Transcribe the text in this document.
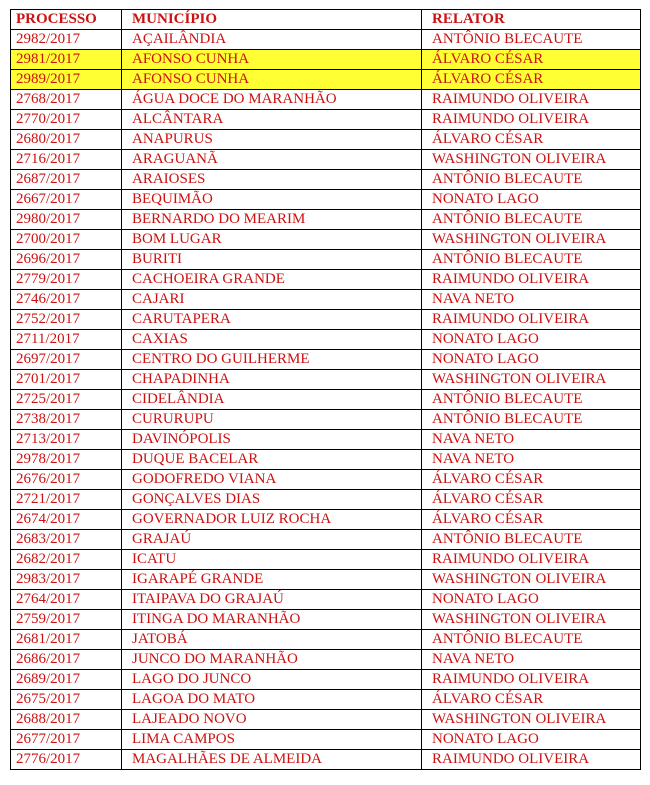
PROCESSO	MUNICÍPIO	RELATOR
2982/2017	AÇAILÂNDIA	ANTÔNIO BLECAUTE
2981/2017	AFONSO CUNHA	ÁLVARO CÉSAR
2989/2017	AFONSO CUNHA	ÁLVARO CÉSAR
2768/2017	ÁGUA DOCE DO MARANHÃO	RAIMUNDO OLIVEIRA
2770/2017	ALCÂNTARA	RAIMUNDO OLIVEIRA
2680/2017	ANAPURUS	ÁLVARO CÉSAR
2716/2017	ARAGUANÃ	WASHINGTON OLIVEIRA
2687/2017	ARAIOSES	ANTÔNIO BLECAUTE
2667/2017	BEQUIMÃO	NONATO LAGO
2980/2017	BERNARDO DO MEARIM	ANTÔNIO BLECAUTE
2700/2017	BOM LUGAR	WASHINGTON OLIVEIRA
2696/2017	BURITI	ANTÔNIO BLECAUTE
2779/2017	CACHOEIRA GRANDE	RAIMUNDO OLIVEIRA
2746/2017	CAJARI	NAVA NETO
2752/2017	CARUTAPERA	RAIMUNDO OLIVEIRA
2711/2017	CAXIAS	NONATO LAGO
2697/2017	CENTRO DO GUILHERME	NONATO LAGO
2701/2017	CHAPADINHA	WASHINGTON OLIVEIRA
2725/2017	CIDELÂNDIA	ANTÔNIO BLECAUTE
2738/2017	CURURUPU	ANTÔNIO BLECAUTE
2713/2017	DAVINÓPOLIS	NAVA NETO
2978/2017	DUQUE BACELAR	NAVA NETO
2676/2017	GODOFREDO VIANA	ÁLVARO CÉSAR
2721/2017	GONÇALVES DIAS	ÁLVARO CÉSAR
2674/2017	GOVERNADOR LUIZ ROCHA	ÁLVARO CÉSAR
2683/2017	GRAJAÚ	ANTÔNIO BLECAUTE
2682/2017	ICATU	RAIMUNDO OLIVEIRA
2983/2017	IGARAPÉ GRANDE	WASHINGTON OLIVEIRA
2764/2017	ITAIPAVA DO GRAJAÚ	NONATO LAGO
2759/2017	ITINGA DO MARANHÃO	WASHINGTON OLIVEIRA
2681/2017	JATOBÁ	ANTÔNIO BLECAUTE
2686/2017	JUNCO DO MARANHÃO	NAVA NETO
2689/2017	LAGO DO JUNCO	RAIMUNDO OLIVEIRA
2675/2017	LAGOA DO MATO	ÁLVARO CÉSAR
2688/2017	LAJEADO NOVO	WASHINGTON OLIVEIRA
2677/2017	LIMA CAMPOS	NONATO LAGO
2776/2017	MAGALHÃES DE ALMEIDA	RAIMUNDO OLIVEIRA
